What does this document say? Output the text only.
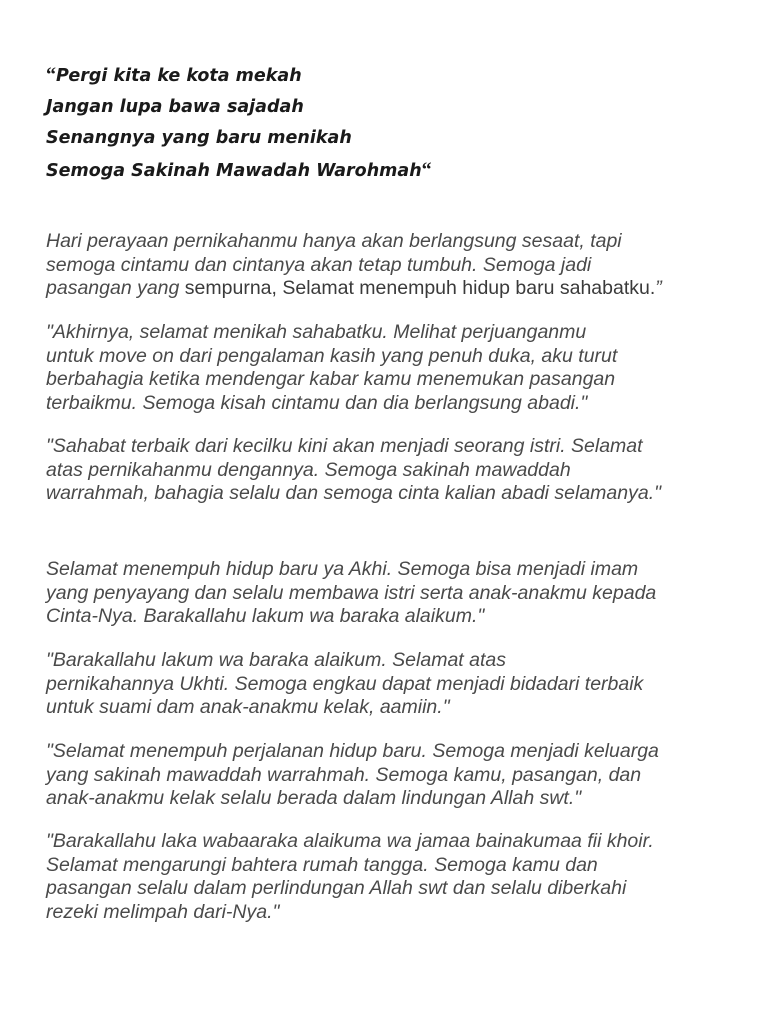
“Pergi kita ke kota mekah
Jangan lupa bawa sajadah
Senangnya yang baru menikah
Semoga Sakinah Mawadah Warohmah“

Hari perayaan pernikahanmu hanya akan berlangsung sesaat, tapi
semoga cintamu dan cintanya akan tetap tumbuh. Semoga jadi
pasangan yang sempurna, Selamat menempuh hidup baru sahabatku.”

"Akhirnya, selamat menikah sahabatku. Melihat perjuanganmu
untuk move on dari pengalaman kasih yang penuh duka, aku turut
berbahagia ketika mendengar kabar kamu menemukan pasangan
terbaikmu. Semoga kisah cintamu dan dia berlangsung abadi."

"Sahabat terbaik dari kecilku kini akan menjadi seorang istri. Selamat
atas pernikahanmu dengannya. Semoga sakinah mawaddah
warrahmah, bahagia selalu dan semoga cinta kalian abadi selamanya."

Selamat menempuh hidup baru ya Akhi. Semoga bisa menjadi imam
yang penyayang dan selalu membawa istri serta anak-anakmu kepada
Cinta-Nya. Barakallahu lakum wa baraka alaikum."

"Barakallahu lakum wa baraka alaikum. Selamat atas
pernikahannya Ukhti. Semoga engkau dapat menjadi bidadari terbaik
untuk suami dam anak-anakmu kelak, aamiin."

"Selamat menempuh perjalanan hidup baru. Semoga menjadi keluarga
yang sakinah mawaddah warrahmah. Semoga kamu, pasangan, dan
anak-anakmu kelak selalu berada dalam lindungan Allah swt."

"Barakallahu laka wabaaraka alaikuma wa jamaa bainakumaa fii khoir.
Selamat mengarungi bahtera rumah tangga. Semoga kamu dan
pasangan selalu dalam perlindungan Allah swt dan selalu diberkahi
rezeki melimpah dari-Nya."
